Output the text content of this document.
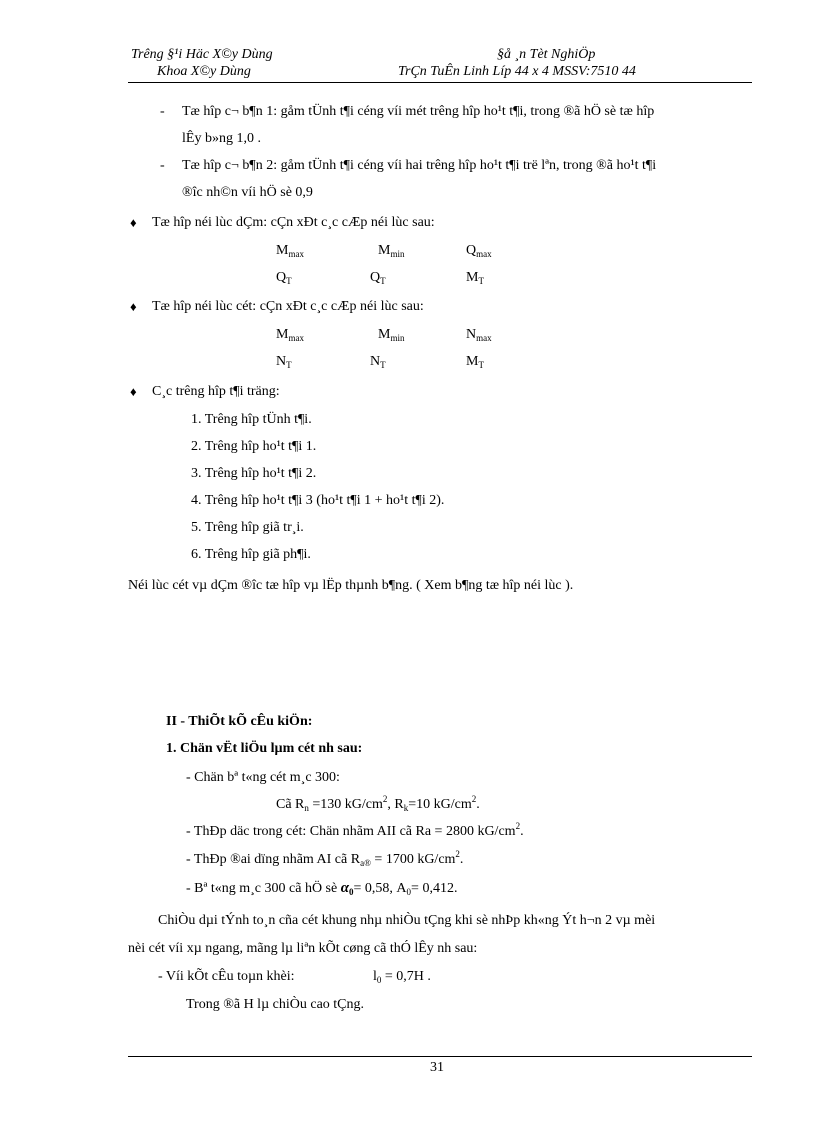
Trêng §¹i Häc X©y Dùng
Khoa X©y Dùng
§å ¸n Tèt NghiÖp
TrÇn TuÊn Linh Líp 44 x 4 MSSV:7510 44
- Tæ hîp c¬ b¶n 1: gåm tÜnh t¶i céng víi mét trêng hîp ho¹t t¶i, trong ®ã hÖ sè tæ hîp
lÊy b»ng 1,0 .
- Tæ hîp c¬ b¶n 2: gåm tÜnh t¶i céng víi hai trêng hîp ho¹t t¶i trë lªn, trong ®ã ho¹t t¶i
®îc nh©n víi hÖ sè 0,9
♦ Tæ hîp néi lùc dÇm: cÇn xÐt c¸c cÆp néi lùc sau:
$M_{max}$	$M_{min}$	$Q_{max}$
$Q_T$	$Q_T$	$M_T$
♦ Tæ hîp néi lùc cét: cÇn xÐt c¸c cÆp néi lùc sau:
$M_{max}$	$M_{min}$	$N_{max}$
$N_T$	$N_T$	$M_T$
♦ C¸c trêng hîp t¶i träng:
1. Trêng hîp tÜnh t¶i.
2. Trêng hîp ho¹t t¶i 1.
3. Trêng hîp ho¹t t¶i 2.
4. Trêng hîp ho¹t t¶i 3 (ho¹t t¶i 1 + ho¹t t¶i 2).
5. Trêng hîp giã tr¸i.
6. Trêng hîp giã ph¶i.
Néi lùc cét vµ dÇm ®îc tæ hîp vµ lËp thµnh b¶ng. ( Xem b¶ng tæ hîp néi lùc ).
II - ThiÕt kÕ cÊu kiÖn:
1. Chän vËt liÖu lµm cét nh sau:
- Chän bª t«ng cét m¸c 300:
Cã $R_n =130$ $kG/cm^2$, $R_k=10$ $kG/cm^2$.
- ThÐp däc trong cét: Chän nhãm AII cã Ra = 2800 $kG/cm^2$.
- ThÐp ®ai dïng nhãm AI cã $R_{a®} = 1700$ $kG/cm^2$.
- Bª t«ng m¸c 300 cã hÖ sè $\alpha_0= 0,58$, $A_0= 0,412$.
ChiÒu dµi tÝnh to¸n cña cét khung nhµ nhiÒu tÇng khi sè nhÞp kh«ng Ýt h¬n 2 vµ mèi
nèi cét víi xµ ngang, mãng lµ liªn kÕt cøng cã thÓ lÊy nh sau:
- Víi kÕt cÊu toµn khèi:	$l_0 = 0,7H$ .
Trong ®ã H lµ chiÒu cao tÇng.
31
